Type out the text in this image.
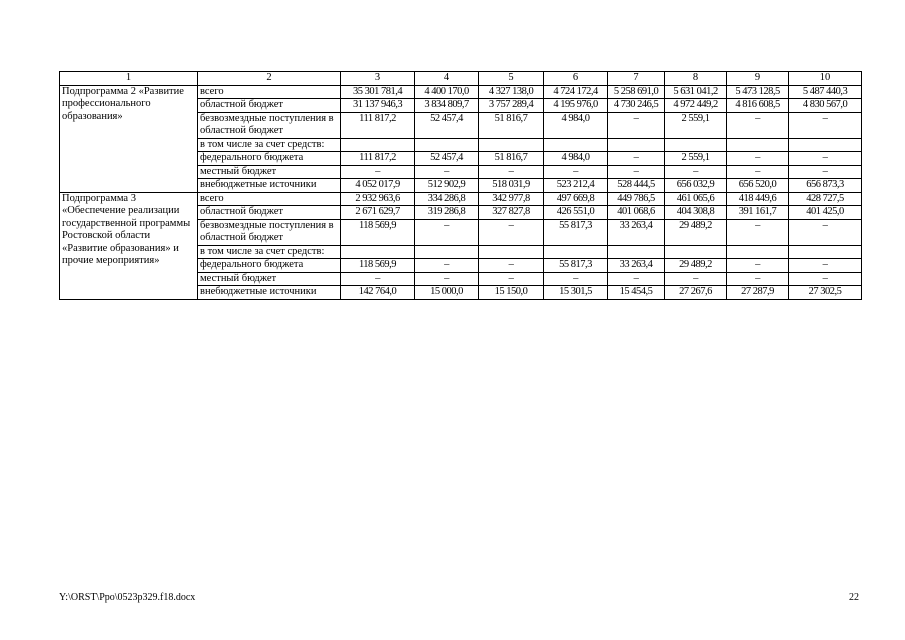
1	2	3	4	5	6	7	8	9	10
Подпрограмма 2 «Развитие профессионального образования»	всего	35 301 781,4	4 400 170,0	4 327 138,0	4 724 172,4	5 258 691,0	5 631 041,2	5 473 128,5	5 487 440,3
	областной бюджет	31 137 946,3	3 834 809,7	3 757 289,4	4 195 976,0	4 730 246,5	4 972 449,2	4 816 608,5	4 830 567,0
	безвозмездные поступления в областной бюджет	111 817,2	52 457,4	51 816,7	4 984,0	–	2 559,1	–	–
	в том числе за счет средств:								
	федерального бюджета	111 817,2	52 457,4	51 816,7	4 984,0	–	2 559,1	–	–
	местный бюджет	–	–	–	–	–	–	–	–
	внебюджетные источники	4 052 017,9	512 902,9	518 031,9	523 212,4	528 444,5	656 032,9	656 520,0	656 873,3
Подпрограмма 3 «Обеспечение реализации государственной программы Ростовской области «Развитие образования» и прочие мероприятия»	всего	2 932 963,6	334 286,8	342 977,8	497 669,8	449 786,5	461 065,6	418 449,6	428 727,5
	областной бюджет	2 671 629,7	319 286,8	327 827,8	426 551,0	401 068,6	404 308,8	391 161,7	401 425,0
	безвозмездные поступления в областной бюджет	118 569,9	–	–	55 817,3	33 263,4	29 489,2	–	–
	в том числе за счет средств:								
	федерального бюджета	118 569,9	–	–	55 817,3	33 263,4	29 489,2	–	–
	местный бюджет	–	–	–	–	–	–	–	–
	внебюджетные источники	142 764,0	15 000,0	15 150,0	15 301,5	15 454,5	27 267,6	27 287,9	27 302,5
Y:\ORST\Ppo\0523p329.f18.docx	22
